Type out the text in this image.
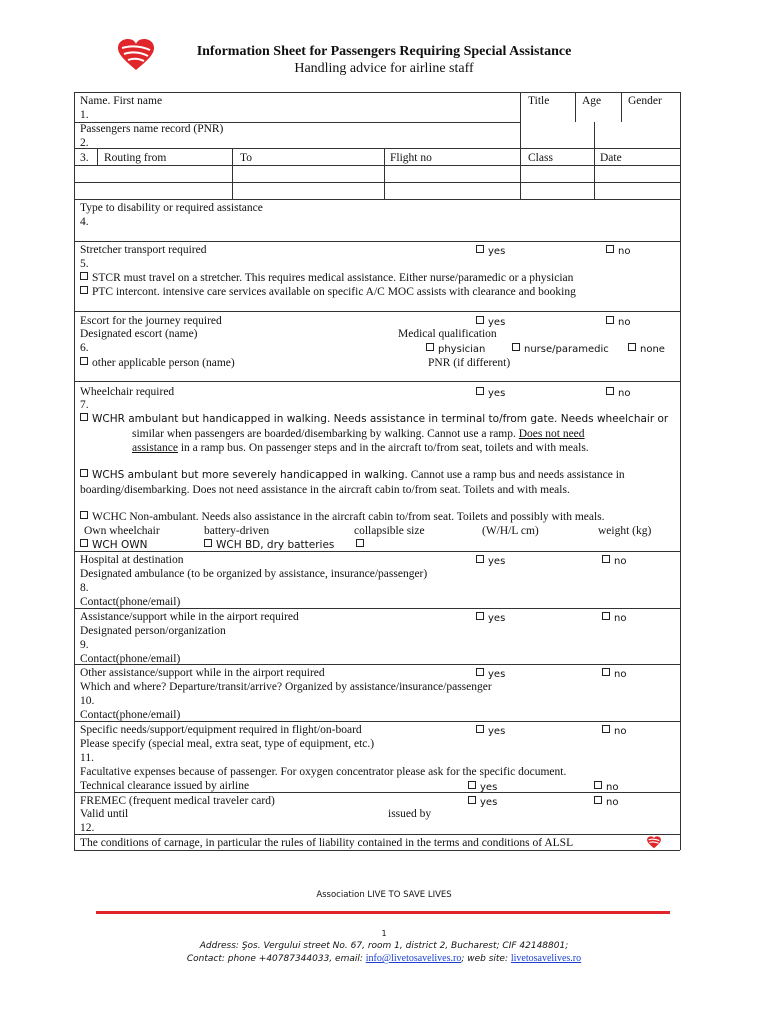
Information Sheet for Passengers Requiring Special Assistance
Handling advice for airline staff
Name. First name
1.
Title	Age Gender
Passengers name record (PNR)
2.
3. Routing from	To	Flight no	Class	Date
Type to disability or required assistance
4.
Stretcher transport required	yes	no
5.
STCR must travel on a stretcher. This requires medical assistance. Either nurse/paramedic or a physician
PTC intercont. intensive care services available on specific A/C MOC assists with clearance and booking
Escort for the journey required	yes	no
Designated escort (name)	Medical qualification
6.	physician	nurse/paramedic	none
other applicable person (name)	PNR (if different)
Wheelchair required	yes	no
7.
WCHR ambulant but handicapped in walking. Needs assistance in terminal to/from gate. Needs wheelchair or
similar when passengers are boarded/disembarking by walking. Cannot use a ramp. Does not need
assistance in a ramp bus. On passenger steps and in the aircraft to/from seat, toilets and with meals.
WCHS ambulant but more severely handicapped in walking. Cannot use a ramp bus and needs assistance in
boarding/disembarking. Does not need assistance in the aircraft cabin to/from seat. Toilets and with meals.
WCHC Non-ambulant. Needs also assistance in the aircraft cabin to/from seat. Toilets and possibly with meals.
Own wheelchair	battery-driven	collapsible size	(W/H/L cm)	weight (kg)
WCH OWN	WCH BD, dry batteries
Hospital at destination	yes	no
Designated ambulance (to be organized by assistance, insurance/passenger)
8.
Contact(phone/email)
Assistance/support while in the airport required	yes	no
Designated person/organization
9.
Contact(phone/email)
Other assistance/support while in the airport required	yes	no
Which and where? Departure/transit/arrive? Organized by assistance/insurance/passenger
10.
Contact(phone/email)
Specific needs/support/equipment required in flight/on-board	yes	no
Please specify (special meal, extra seat, type of equipment, etc.)
11.
Facultative expenses because of passenger. For oxygen concentrator please ask for the specific document.
Technical clearance issued by airline	yes	no
FREMEC (frequent medical traveler card)	yes	no
Valid until	issued by
12.
The conditions of carnage, in particular the rules of liability contained in the terms and conditions of ALSL
Association LIVE TO SAVE LIVES
1
Address: Şos. Vergului street No. 67, room 1, district 2, Bucharest; CIF 42148801;
Contact: phone +40787344033, email: info@livetosavelives.ro; web site: livetosavelives.ro
